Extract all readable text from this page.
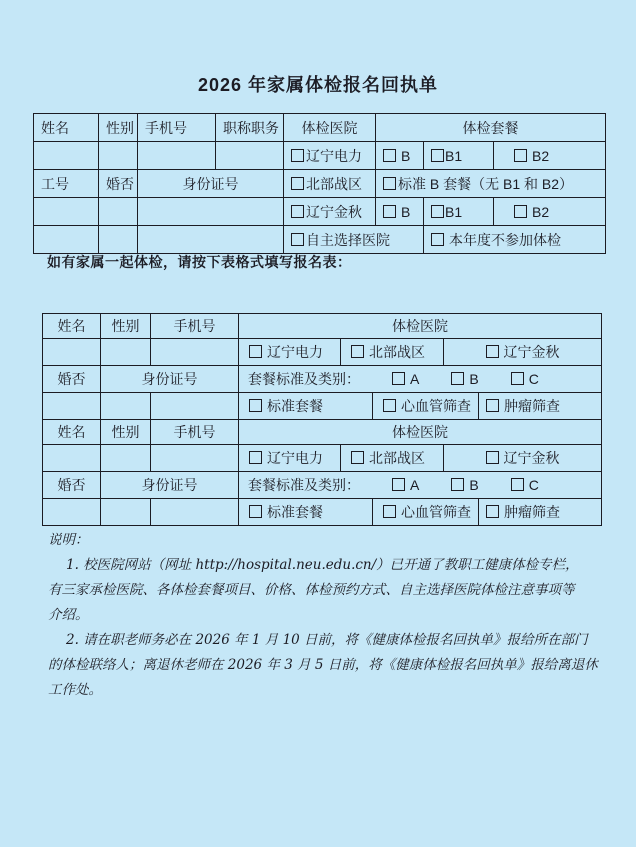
2026 年家属体检报名回执单
姓名	性别	手机号	职称职务	体检医院	体检套餐		
				辽宁电力	B	B1	B2
工号	婚否	身份证号		北部战区	标准 B 套餐（无 B1 和 B2）		
				辽宁金秋	B	B1	B2
				自主选择医院		本年度不参加体检	

如有家属一起体检，请按下表格式填写报名表：

姓名	性别	手机号	体检医院				
			辽宁电力	北部战区		辽宁金秋	
婚否	身份证号		套餐标准及类别： A B C				
			标准套餐		心血管筛查		肿瘤筛查
姓名	性别	手机号	体检医院				
			辽宁电力	北部战区		辽宁金秋	
婚否	身份证号		套餐标准及类别： A B C				
			标准套餐		心血管筛查		肿瘤筛查
说明：
1. 校医院网站（网址 http://hospital.neu.edu.cn/）已开通了教职工健康体检专栏，
有三家承检医院、各体检套餐项目、价格、体检预约方式、自主选择医院体检注意事项等
介绍。
2. 请在职老师务必在 2026 年 1 月 10 日前，将《健康体检报名回执单》报给所在部门
的体检联络人；离退休老师在 2026 年 3 月 5 日前，将《健康体检报名回执单》报给离退休
工作处。
